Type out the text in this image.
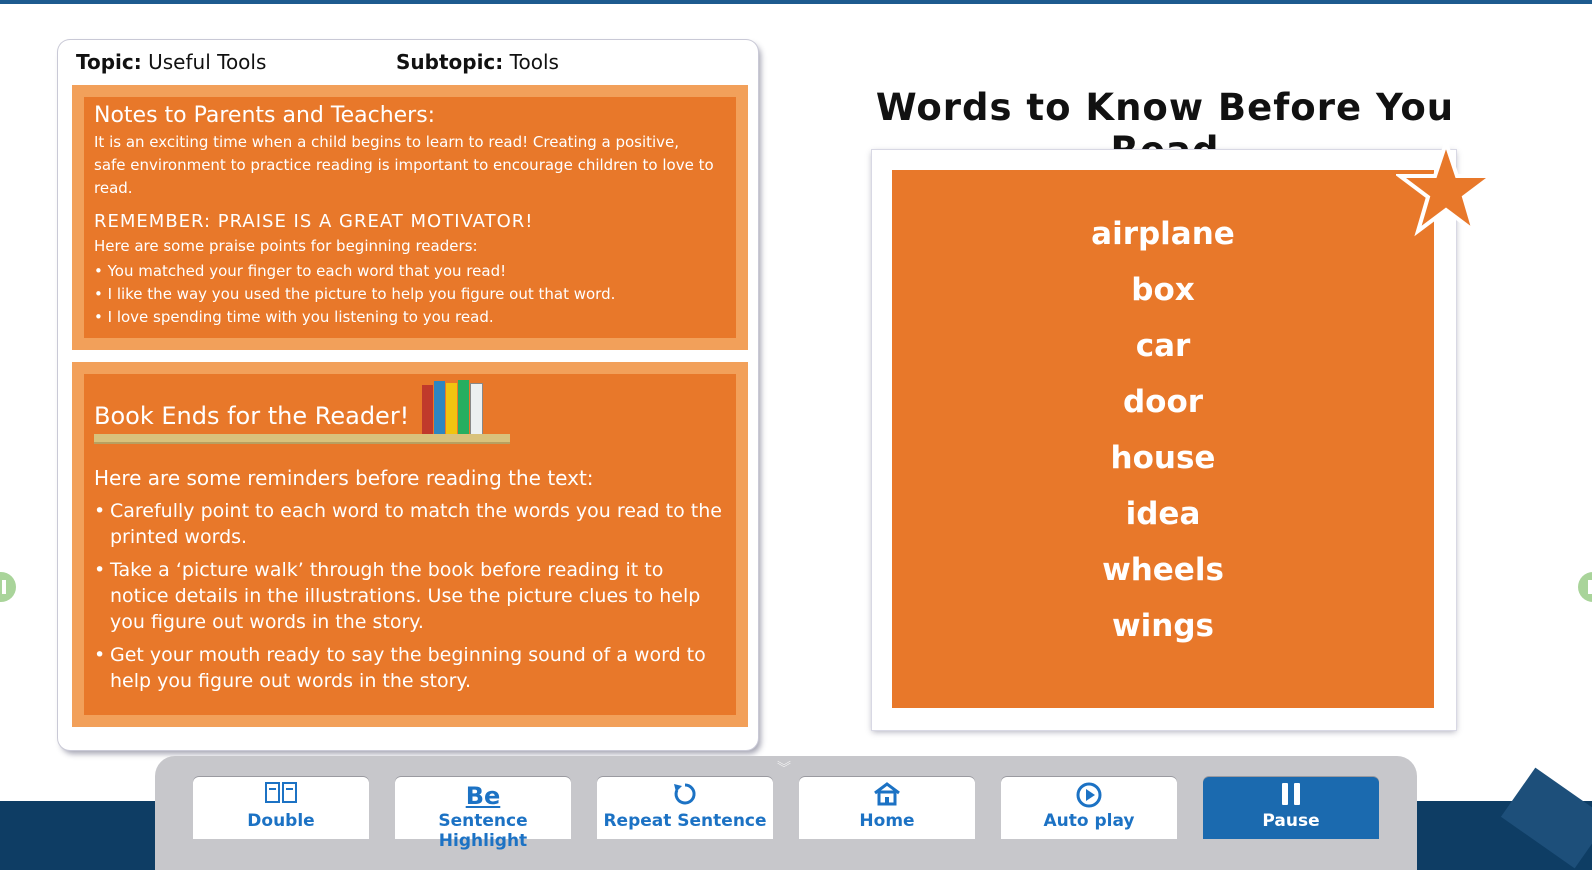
Topic: Useful Tools	Subtopic: Tools
Notes to Parents and Teachers:

It is an exciting time when a child begins to learn to read! Creating a positive, safe environment to practice reading is important to encourage children to love to read.

REMEMBER: PRAISE IS A GREAT MOTIVATOR!

Here are some praise points for beginning readers:

• You matched your finger to each word that you read!
• I like the way you used the picture to help you figure out that word.
• I love spending time with you listening to you read.
Book Ends for the Reader!

Here are some reminders before reading the text:

• Carefully point to each word to match the words you read to the printed words.
• Take a ‘picture walk’ through the book before reading it to notice details in the illustrations. Use the picture clues to help you figure out words in the story.
• Get your mouth ready to say the beginning sound of a word to help you figure out words in the story.
Words to Know Before You
airplane
box
car
door
house
idea
wheels
wings
︾
Double
Be
Sentence Highlight
Repeat Sentence	Home	Auto play	Pause
